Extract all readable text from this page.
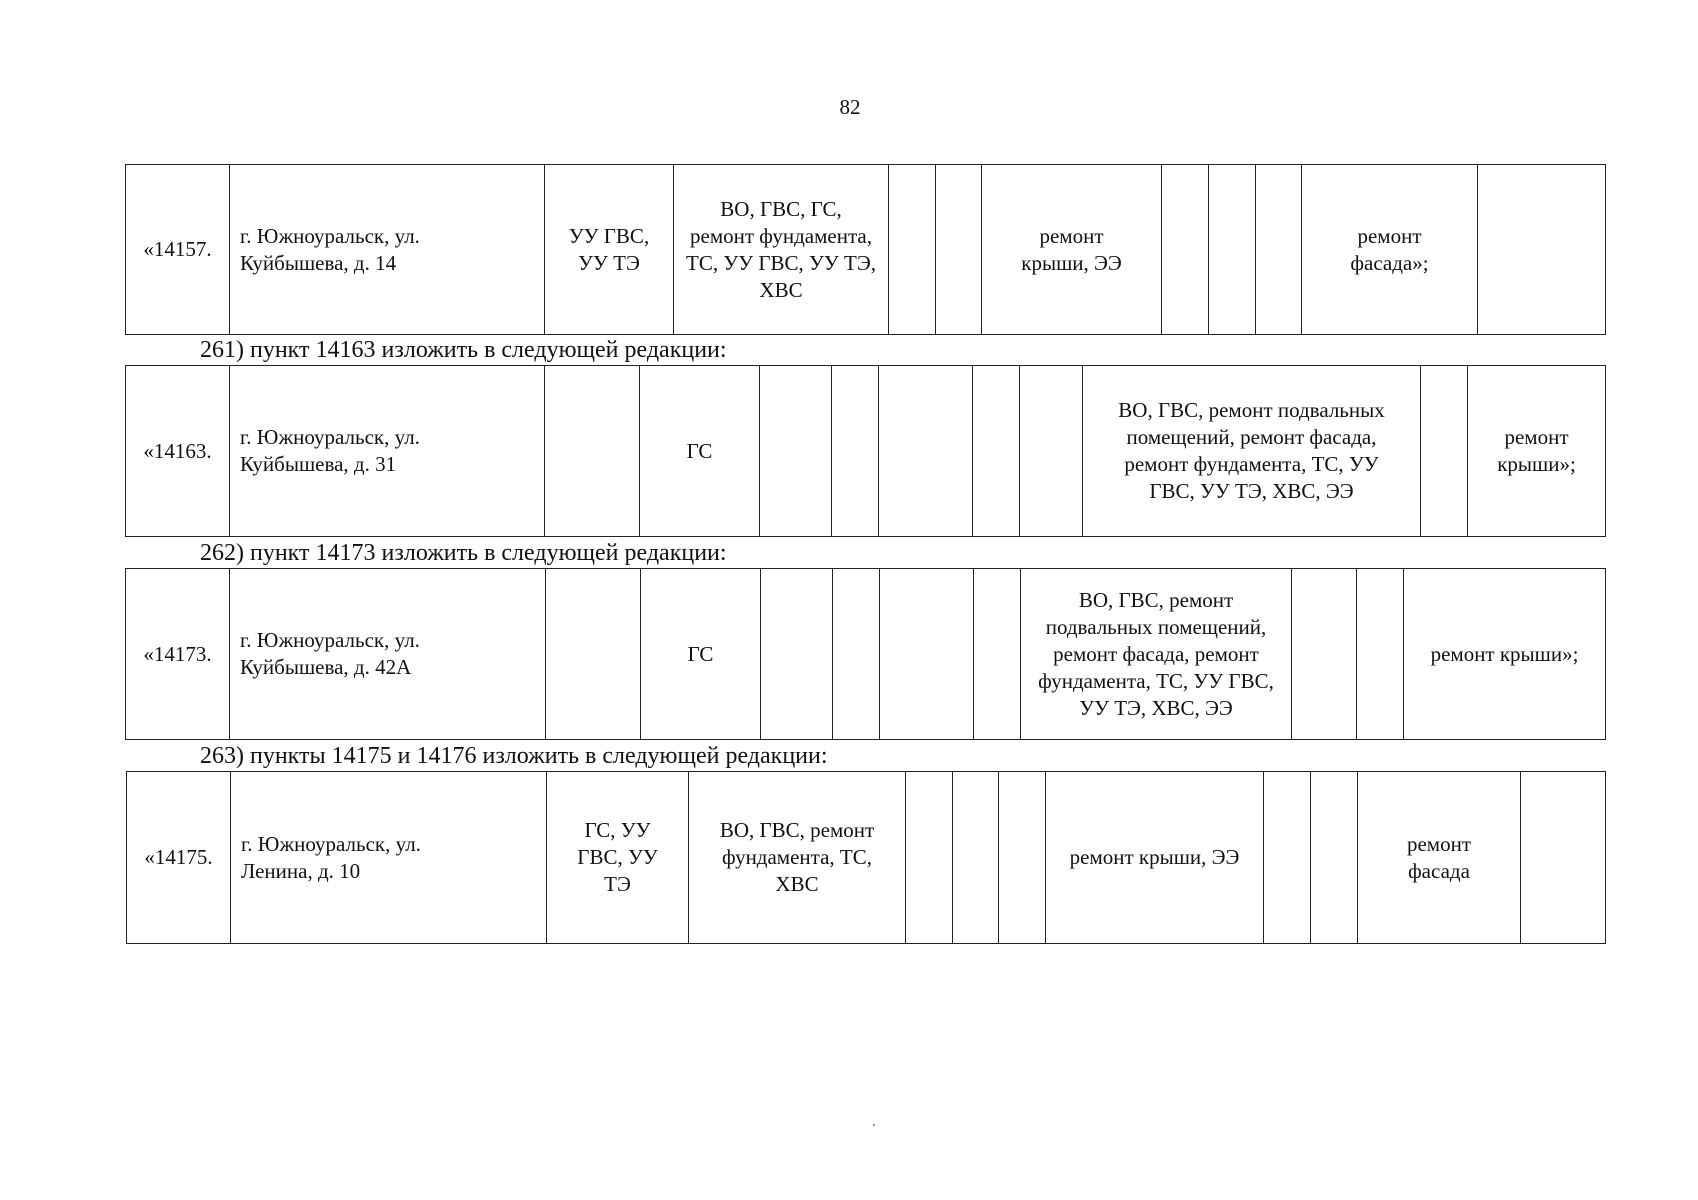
82
«14157.
г. Южноуральск, ул. Куйбышева, д. 14
УУ ГВС, УУ ТЭ
ВО, ГВС, ГС, ремонт фундамента, ТС, УУ ГВС, УУ ТЭ, ХВС
ремонт крыши, ЭЭ
ремонт фасада»;
261) пункт 14163 изложить в следующей редакции:
«14163.
г. Южноуральск, ул. Куйбышева, д. 31
ГС
ВО, ГВС, ремонт подвальных помещений, ремонт фасада, ремонт фундамента, ТС, УУ ГВС, УУ ТЭ, ХВС, ЭЭ
ремонт крыши»;
262) пункт 14173 изложить в следующей редакции:
«14173.
г. Южноуральск, ул. Куйбышева, д. 42А
ГС
ВО, ГВС, ремонт подвальных помещений, ремонт фасада, ремонт фундамента, ТС, УУ ГВС, УУ ТЭ, ХВС, ЭЭ
ремонт крыши»;
263) пункты 14175 и 14176 изложить в следующей редакции:
«14175.
г. Южноуральск, ул. Ленина, д. 10
ГС, УУ ГВС, УУ ТЭ
ВО, ГВС, ремонт фундамента, ТС, ХВС
ремонт крыши, ЭЭ
ремонт фасада
